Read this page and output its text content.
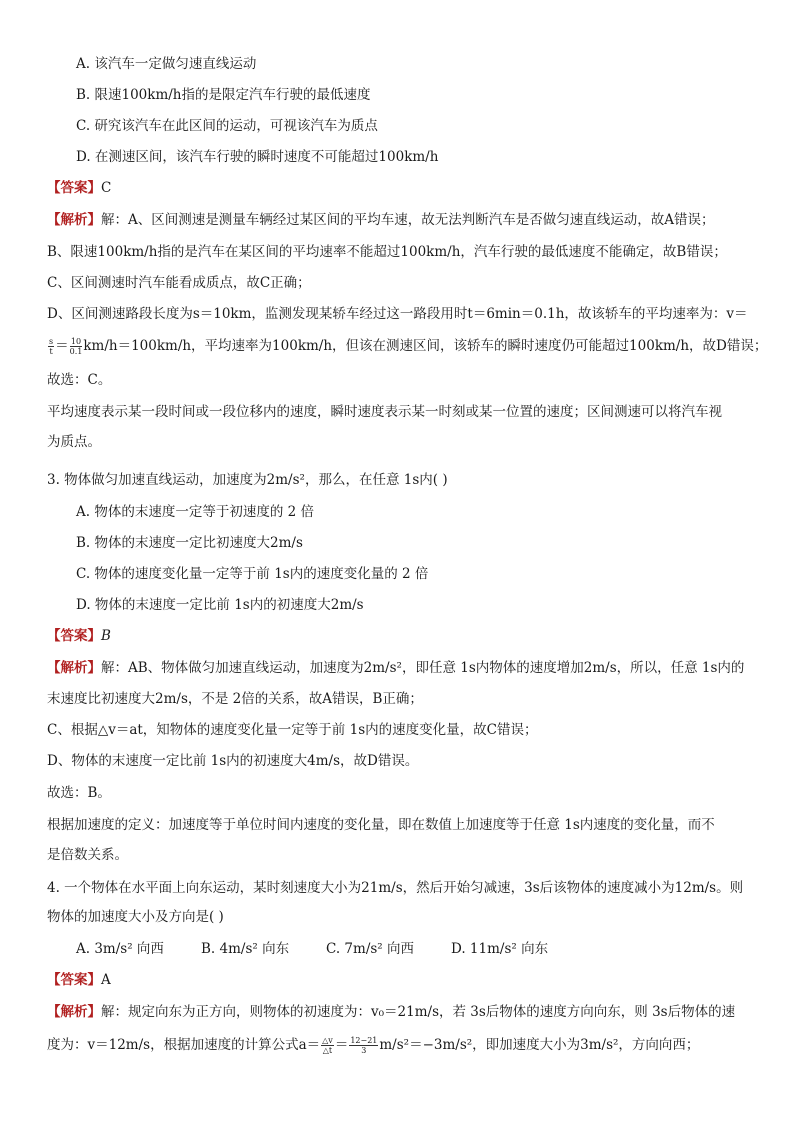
A. 该汽车一定做匀速直线运动
B. 限速100km/h指的是限定汽车行驶的最低速度
C. 研究该汽车在此区间的运动，可视该汽车为质点
D. 在测速区间，该汽车行驶的瞬时速度不可能超过100km/h
【答案】C
【解析】解：A、区间测速是测量车辆经过某区间的平均车速，故无法判断汽车是否做匀速直线运动，故A错误；
B、限速100km/h指的是汽车在某区间的平均速率不能超过100km/h，汽车行驶的最低速度不能确定，故B错误；
C、区间测速时汽车能看成质点，故C正确；
D、区间测速路段长度为s＝10km，监测发现某轿车经过这一路段用时t＝6min＝0.1h，故该轿车的平均速率为：v＝
$\frac{s}{t} = \frac{10}{0.1} km/h=100km/h$，平均速率为100km/h，但该在测速区间，该轿车的瞬时速度仍可能超过100km/h，故D错误；
故选：C。
平均速度表示某一段时间或一段位移内的速度，瞬时速度表示某一时刻或某一位置的速度；区间测速可以将汽车视
为质点。
3. 物体做匀加速直线运动，加速度为2m/s²，那么，在任意 1s内( )
A. 物体的末速度一定等于初速度的 2 倍
B. 物体的末速度一定比初速度大2m/s
C. 物体的速度变化量一定等于前 1s内的速度变化量的 2 倍
D. 物体的末速度一定比前 1s内的初速度大2m/s
【答案】B
【解析】解：AB、物体做匀加速直线运动，加速度为2m/s²，即任意 1s内物体的速度增加2m/s，所以，任意 1s内的
末速度比初速度大2m/s，不是 2倍的关系，故A错误，B正确；
C、根据△v＝at，知物体的速度变化量一定等于前 1s内的速度变化量，故C错误；
D、物体的末速度一定比前 1s内的初速度大4m/s，故D错误。
故选：B。
根据加速度的定义：加速度等于单位时间内速度的变化量，即在数值上加速度等于任意 1s内速度的变化量，而不
是倍数关系。
4. 一个物体在水平面上向东运动，某时刻速度大小为21m/s，然后开始匀减速，3s后该物体的速度减小为12m/s。则
物体的加速度大小及方向是( )
A. 3m/s² 向西	B. 4m/s² 向东	C. 7m/s² 向西	D. 11m/s² 向东
【答案】A
【解析】解：规定向东为正方向，则物体的初速度为：v₀＝21m/s，若 3s后物体的速度方向向东，则 3s后物体的速
度为：v＝12m/s，根据加速度的计算公式$a= \frac{\triangle v}{\triangle t} = \frac{12-21}{3} m/s^2=-3m/s^2$，即加速度大小为3m/s²，方向向西；
